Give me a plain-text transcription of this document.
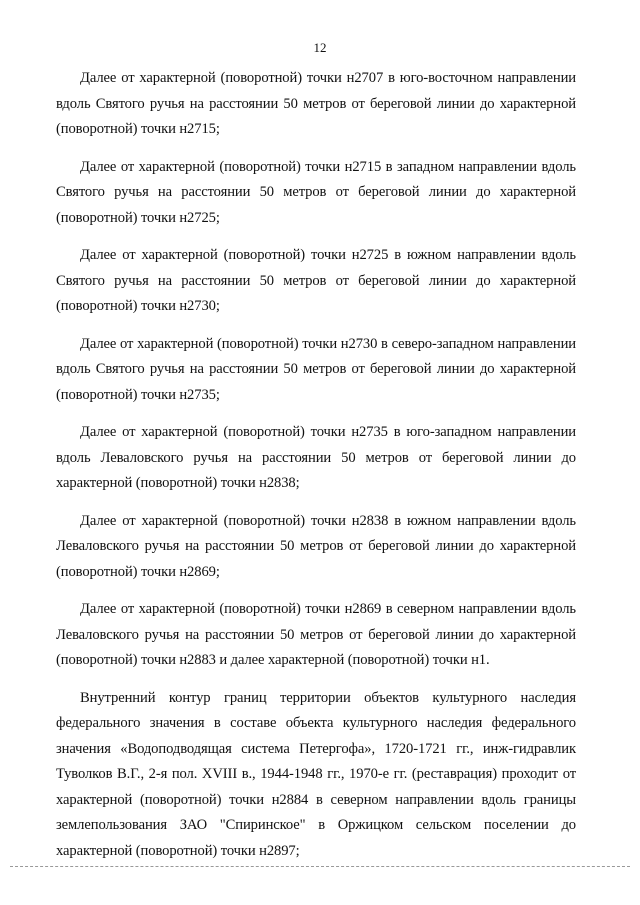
12

Далее от характерной (поворотной) точки н2707 в юго-восточном направлении вдоль Святого ручья на расстоянии 50 метров от береговой линии до характерной (поворотной) точки н2715;

Далее от характерной (поворотной) точки н2715 в западном направлении вдоль Святого ручья на расстоянии 50 метров от береговой линии до характерной (поворотной) точки н2725;

Далее от характерной (поворотной) точки н2725 в южном направлении вдоль Святого ручья на расстоянии 50 метров от береговой линии до характерной (поворотной) точки н2730;

Далее от характерной (поворотной) точки н2730 в северо-западном направлении вдоль Святого ручья на расстоянии 50 метров от береговой линии до характерной (поворотной) точки н2735;

Далее от характерной (поворотной) точки н2735 в юго-западном направлении вдоль Леваловского ручья на расстоянии 50 метров от береговой линии до характерной (поворотной) точки н2838;

Далее от характерной (поворотной) точки н2838 в южном направлении вдоль Леваловского ручья на расстоянии 50 метров от береговой линии до характерной (поворотной) точки н2869;

Далее от характерной (поворотной) точки н2869 в северном направлении вдоль Леваловского ручья на расстоянии 50 метров от береговой линии до характерной (поворотной) точки н2883 и далее характерной (поворотной) точки н1.

Внутренний контур границ территории объектов культурного наследия федерального значения в составе объекта культурного наследия федерального значения «Водоподводящая система Петергофа», 1720-1721 гг., инж-гидравлик Туволков В.Г., 2-я пол. XVIII в., 1944-1948 гг., 1970-е гг. (реставрация) проходит от характерной (поворотной) точки н2884 в северном направлении вдоль границы землепользования ЗАО "Спиринское" в Оржицком сельском поселении до характерной (поворотной) точки н2897;
